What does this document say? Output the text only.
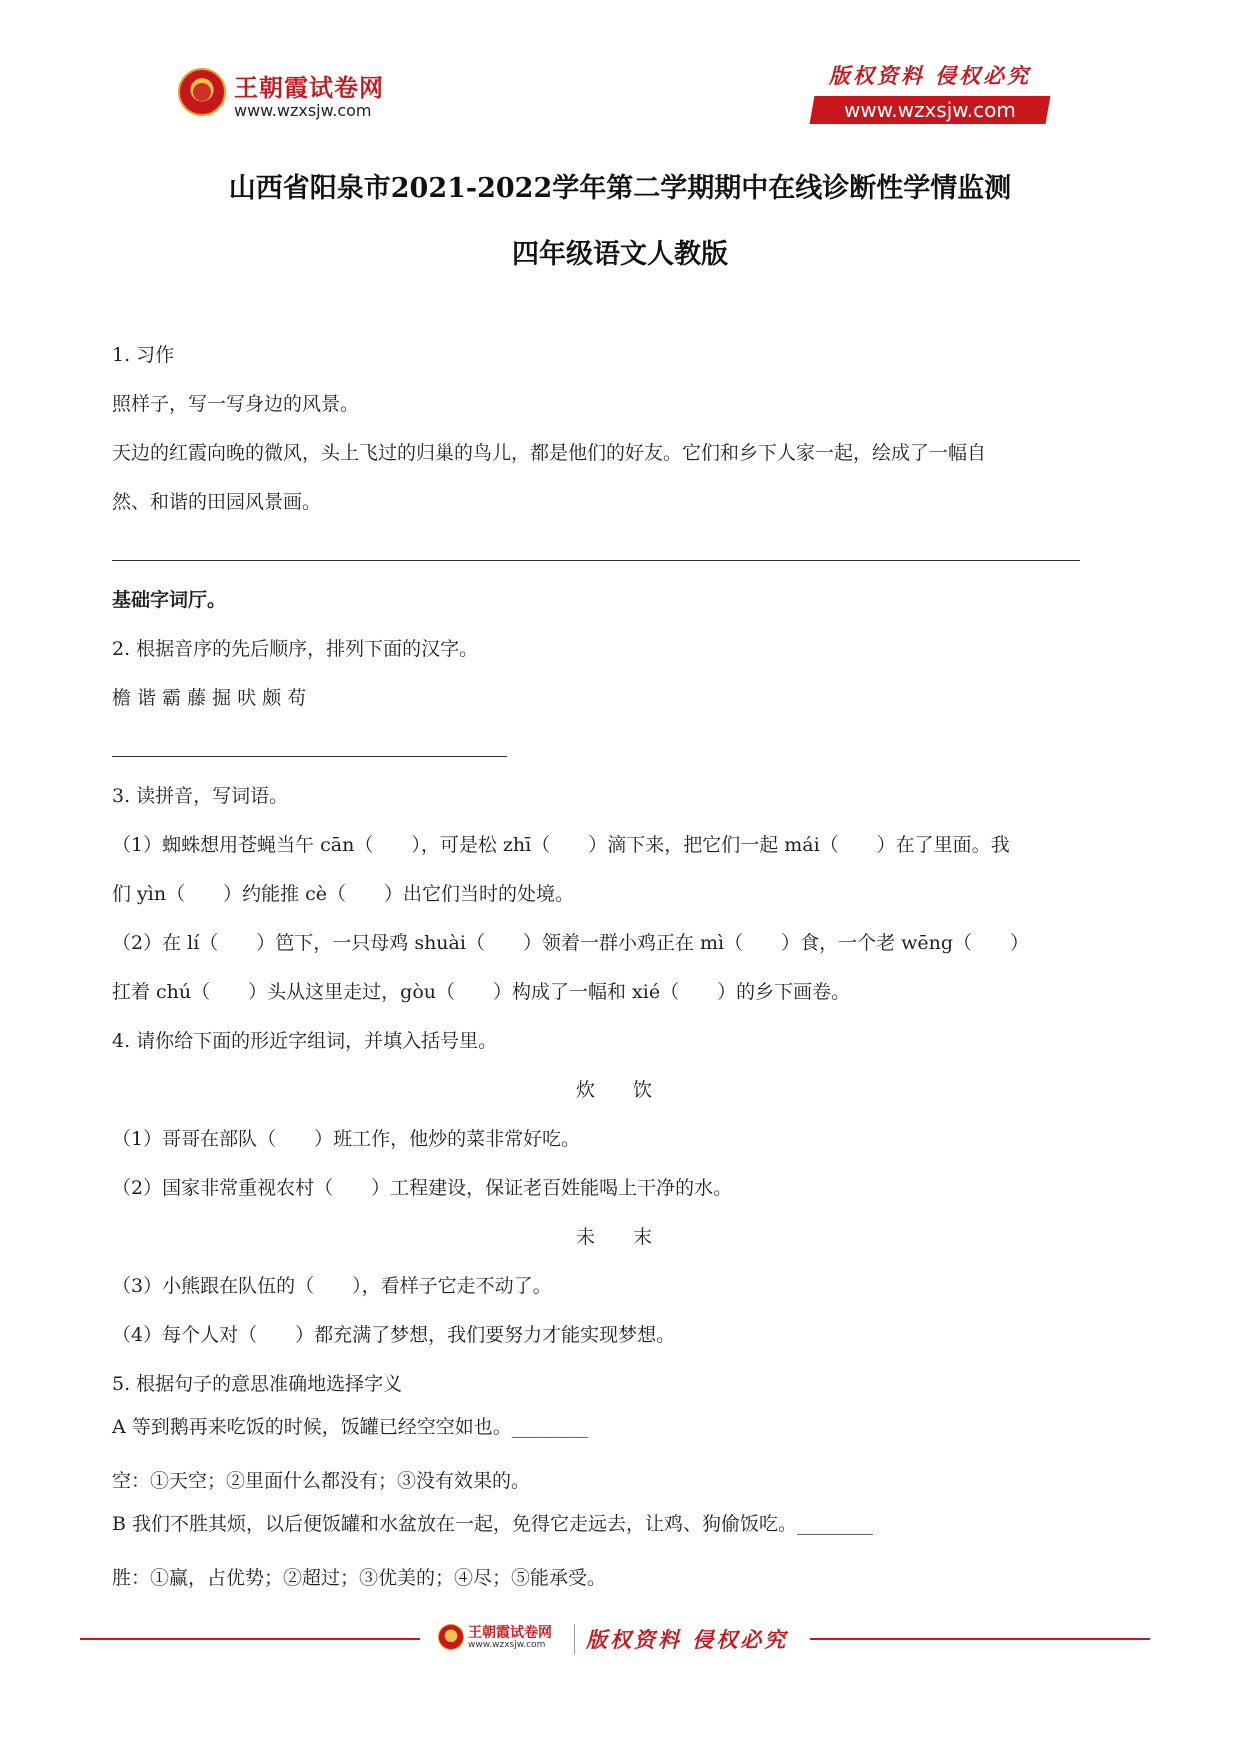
王朝霞试卷网
www.wzxsjw.com
版权资料 侵权必究
www.wzxsjw.com
山西省阳泉市2021-2022学年第二学期期中在线诊断性学情监测
四年级语文人教版
1. 习作
照样子，写一写身边的风景。
天边的红霞向晚的微风，头上飞过的归巢的鸟儿，都是他们的好友。它们和乡下人家一起，绘成了一幅自
然、和谐的田园风景画。
基础字词厅。
2. 根据音序的先后顺序，排列下面的汉字。
檐 谐 霸 藤 掘 吠 颇 苟
3. 读拼音，写词语。
（1）蜘蛛想用苍蝇当午 cān（　　），可是松 zhī（　　）滴下来，把它们一起 mái（　　）在了里面。我
们 yìn（　　）约能推 cè（　　）出它们当时的处境。
（2）在 lí（　　）笆下，一只母鸡 shuài（　　）领着一群小鸡正在 mì（　　）食，一个老 wēng（　　）
扛着 chú（　　）头从这里走过，gòu（　　）构成了一幅和 xié（　　）的乡下画卷。
4. 请你给下面的形近字组词，并填入括号里。
炊　　饮
（1）哥哥在部队（　　）班工作，他炒的菜非常好吃。
（2）国家非常重视农村（　　）工程建设，保证老百姓能喝上干净的水。
未　　末
（3）小熊跟在队伍的（　　），看样子它走不动了。
（4）每个人对（　　）都充满了梦想，我们要努力才能实现梦想。
5. 根据句子的意思准确地选择字义
A 等到鹅再来吃饭的时候，饭罐已经空空如也。________
空：①天空；②里面什么都没有；③没有效果的。
B 我们不胜其烦，以后便饭罐和水盆放在一起，免得它走远去，让鸡、狗偷饭吃。________
胜：①赢，占优势；②超过；③优美的；④尽；⑤能承受。
王朝霞试卷网
www.wzxsjw.com 版权资料 侵权必究
